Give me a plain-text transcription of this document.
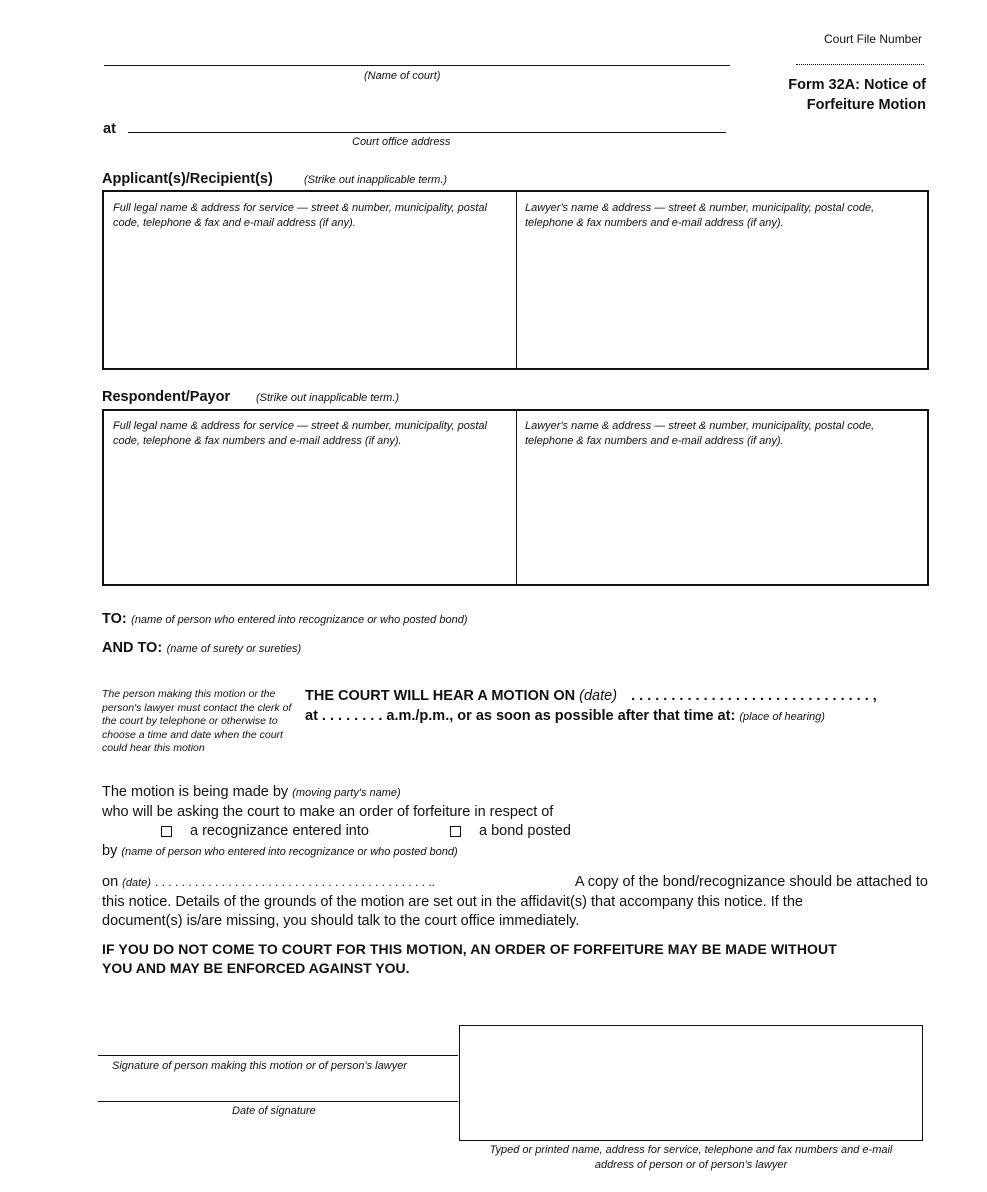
Court File Number
(Name of court)
Form 32A: Notice of
Forfeiture Motion
at
Court office address
Applicant(s)/Recipient(s)	(Strike out inapplicable term.)
Full legal name & address for service — street & number, municipality, postal code, telephone & fax and e-mail address (if any).
Lawyer's name & address — street & number, municipality, postal code, telephone & fax numbers and e-mail address (if any).
Respondent/Payor (Strike out inapplicable term.)
Full legal name & address for service — street & number, municipality, postal code, telephone & fax numbers and e-mail address (if any).
Lawyer's name & address — street & number, municipality, postal code, telephone & fax numbers and e-mail address (if any).
TO: (name of person who entered into recognizance or who posted bond)
AND TO: (name of surety or sureties)
The person making this motion or the person's lawyer must contact the clerk of the court by telephone or otherwise to choose a time and date when the court could hear this motion
THE COURT WILL HEAR A MOTION ON (date) . . . . . . . . . . . . . . . . . . . . . . . . . . . . . . ,
at . . . . . . . . a.m./p.m., or as soon as possible after that time at: (place of hearing)
The motion is being made by (moving party's name)
who will be asking the court to make an order of forfeiture in respect of
a recognizance entered into	a bond posted
by (name of person who entered into recognizance or who posted bond)
on (date) . . . . . . . . . . . . . . . . . . . . . . . . . . . . . . . . . . . . . . . . . ..	A copy of the bond/recognizance should be attached to
this notice. Details of the grounds of the motion are set out in the affidavit(s) that accompany this notice. If the
document(s) is/are missing, you should talk to the court office immediately.
IF YOU DO NOT COME TO COURT FOR THIS MOTION, AN ORDER OF FORFEITURE MAY BE MADE WITHOUT
YOU AND MAY BE ENFORCED AGAINST YOU.
Signature of person making this motion or of person's lawyer
Date of signature
Typed or printed name, address for service, telephone and fax numbers and e-mail
address of person or of person's lawyer
